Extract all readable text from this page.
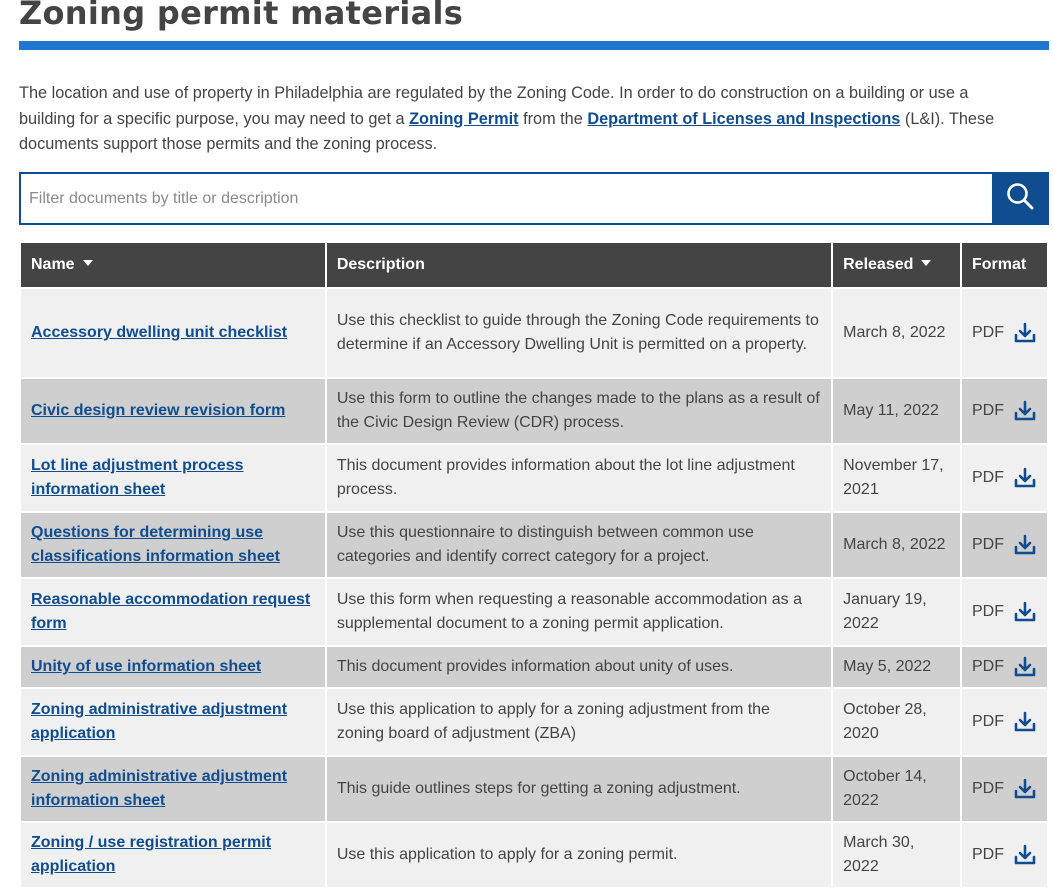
Zoning permit materials

The location and use of property in Philadelphia are regulated by the Zoning Code. In order to do construction on a building or use a building for a specific purpose, you may need to get a Zoning Permit from the Department of Licenses and Inspections (L&I). These documents support those permits and the zoning process.

Filter documents by title or description
Name	Description	Released	Format
Accessory dwelling unit checklist	Use this checklist to guide through the Zoning Code requirements to determine if an Accessory Dwelling Unit is permitted on a property.	March 8, 2022	PDF

Civic design review revision form	Use this form to outline the changes made to the plans as a result of the Civic Design Review (CDR) process.	May 11, 2022	PDF

Lot line adjustment process information sheet	This document provides information about the lot line adjustment process.	November 17, 2021	PDF

Questions for determining use classifications information sheet	Use this questionnaire to distinguish between common use categories and identify correct category for a project.	March 8, 2022	PDF

Reasonable accommodation request form	Use this form when requesting a reasonable accommodation as a supplemental document to a zoning permit application.	January 19, 2022	PDF

Unity of use information sheet	This document provides information about unity of uses.	May 5, 2022	PDF

Zoning administrative adjustment application	Use this application to apply for a zoning adjustment from the zoning board of adjustment (ZBA)	October 28, 2020	PDF

Zoning administrative adjustment information sheet	This guide outlines steps for getting a zoning adjustment.	October 14, 2022	PDF

Zoning / use registration permit application	Use this application to apply for a zoning permit.	March 30, 2022	PDF
